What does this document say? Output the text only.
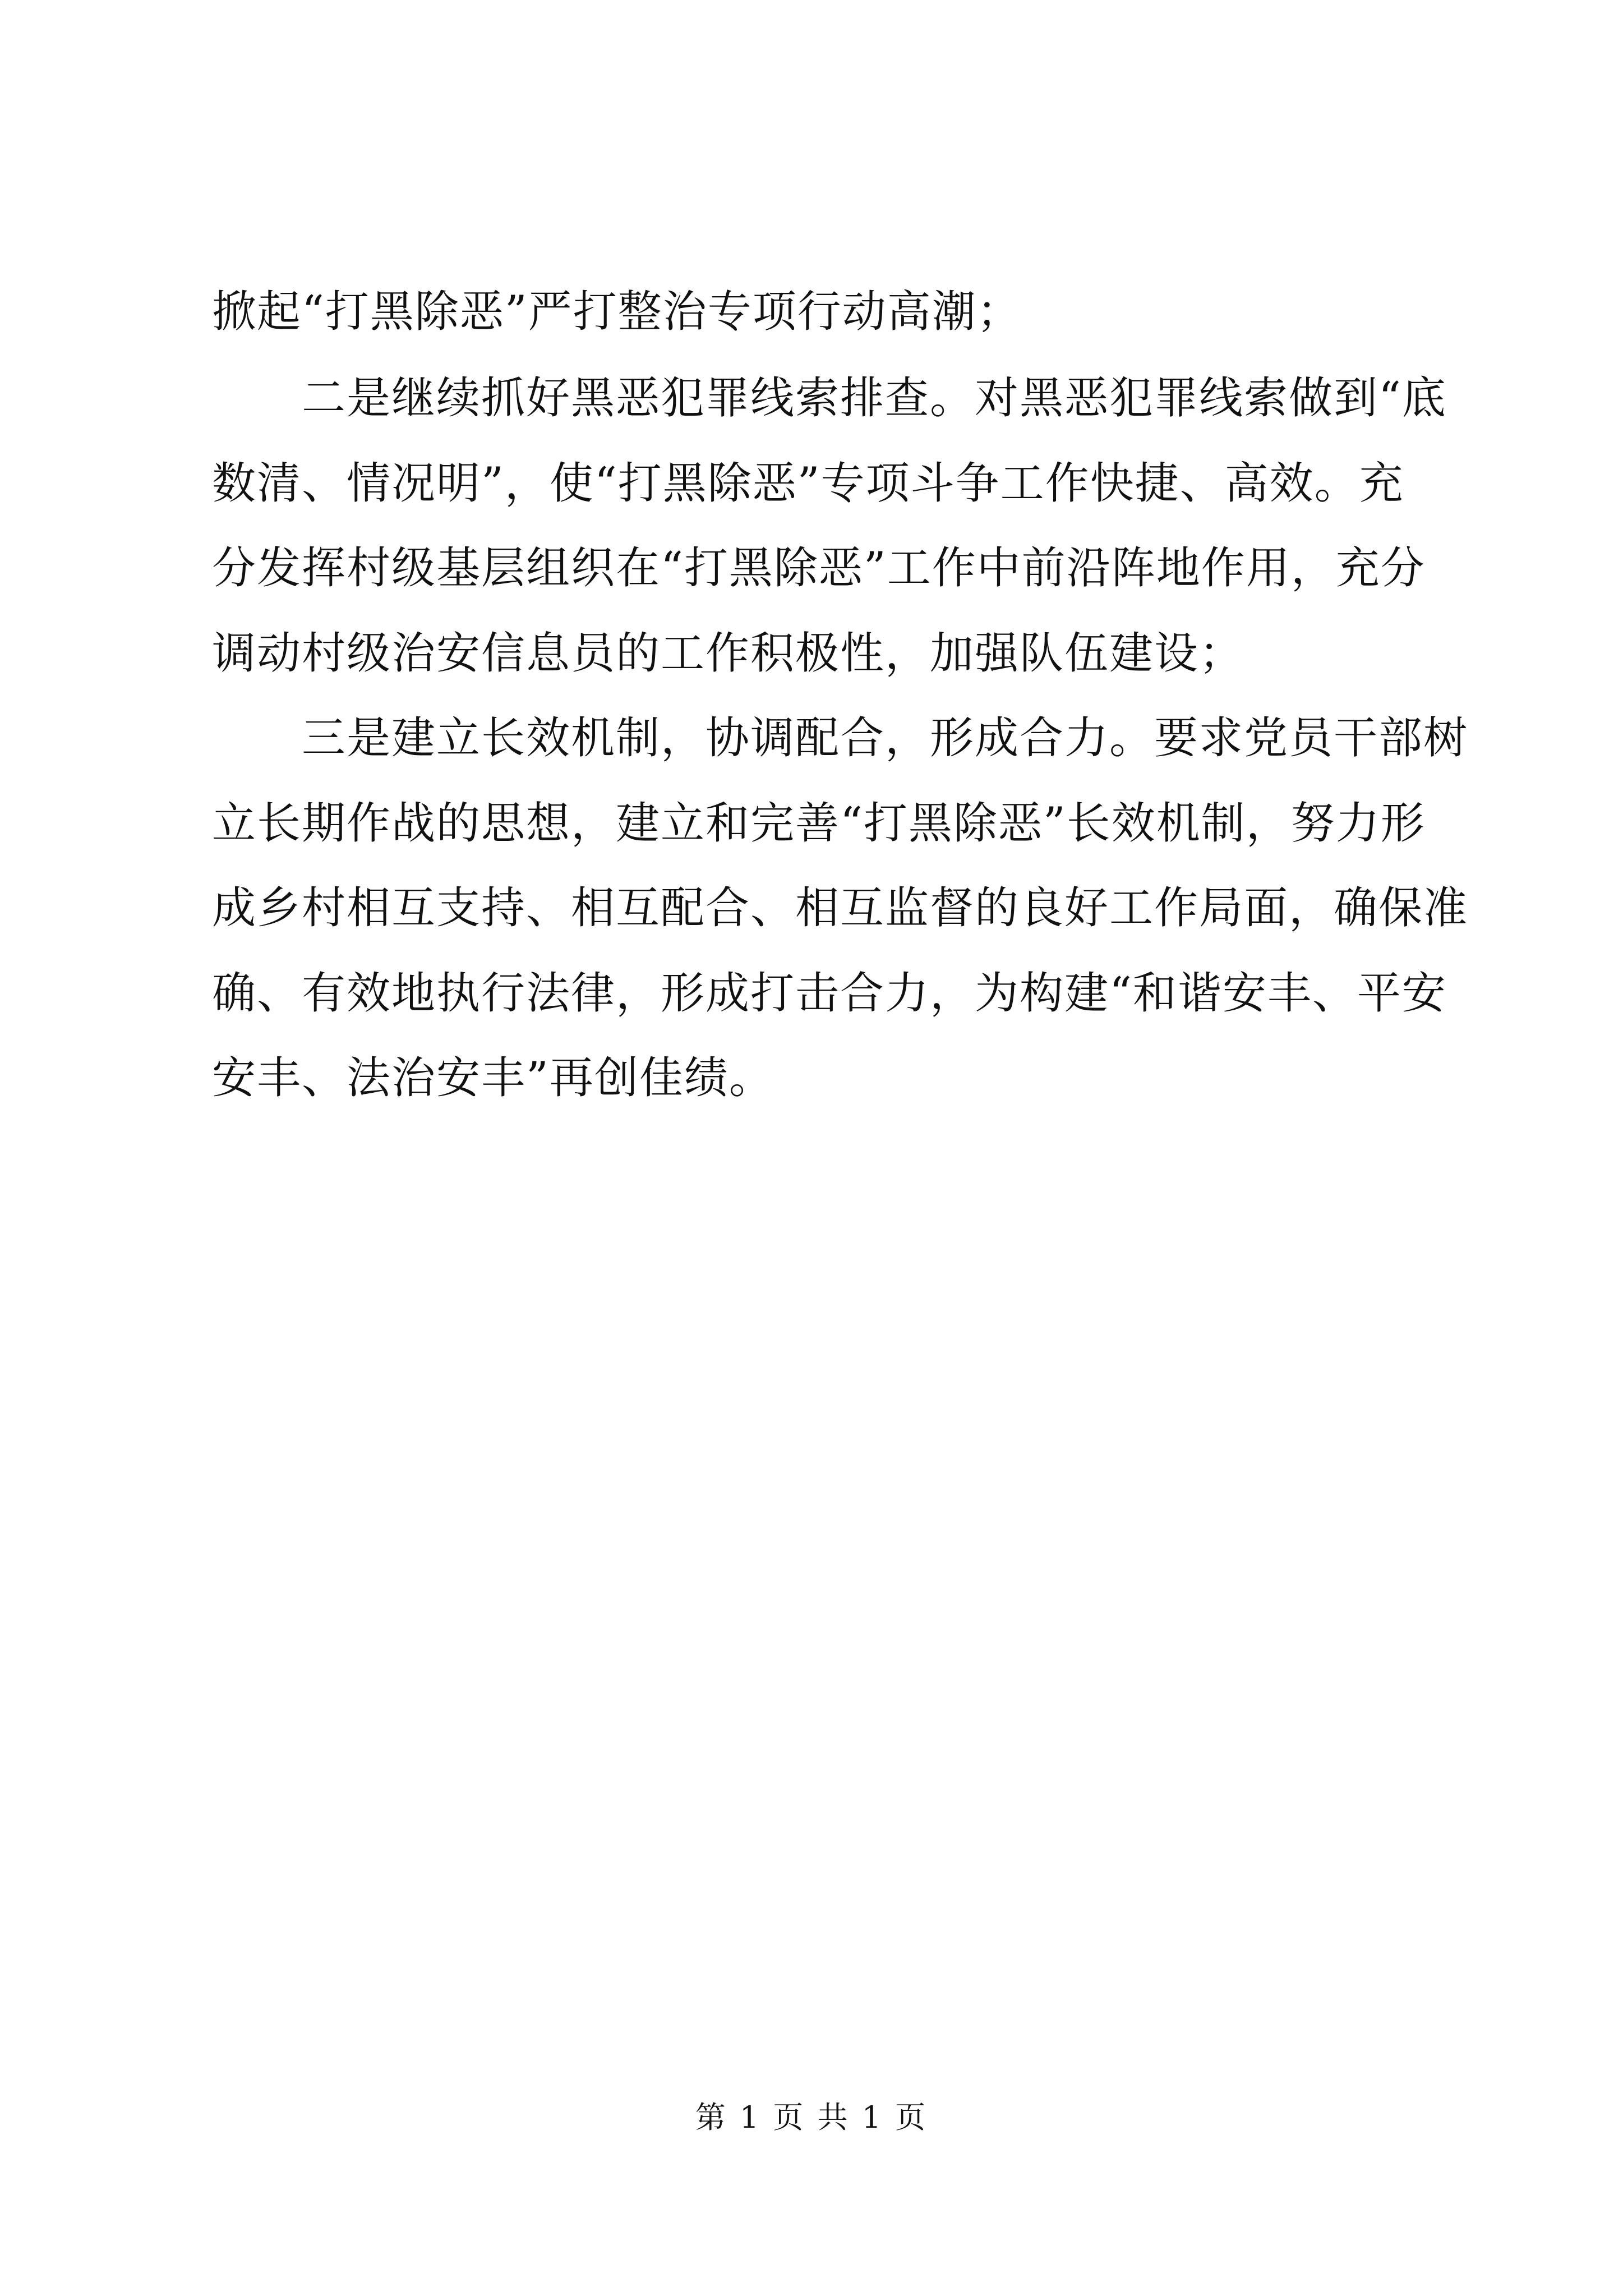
掀起“打黑除恶”严打整治专项行动高潮；
　　二是继续抓好黑恶犯罪线索排查。对黑恶犯罪线索做到“底
数清、情况明”，使“打黑除恶”专项斗争工作快捷、高效。充
分发挥村级基层组织在“打黑除恶”工作中前沿阵地作用，充分
调动村级治安信息员的工作积极性，加强队伍建设；
　　三是建立长效机制，协调配合，形成合力。要求党员干部树
立长期作战的思想，建立和完善“打黑除恶”长效机制，努力形
成乡村相互支持、相互配合、相互监督的良好工作局面，确保准
确、有效地执行法律，形成打击合力，为构建“和谐安丰、平安
安丰、法治安丰”再创佳绩。
第 1 页 共 1 页
